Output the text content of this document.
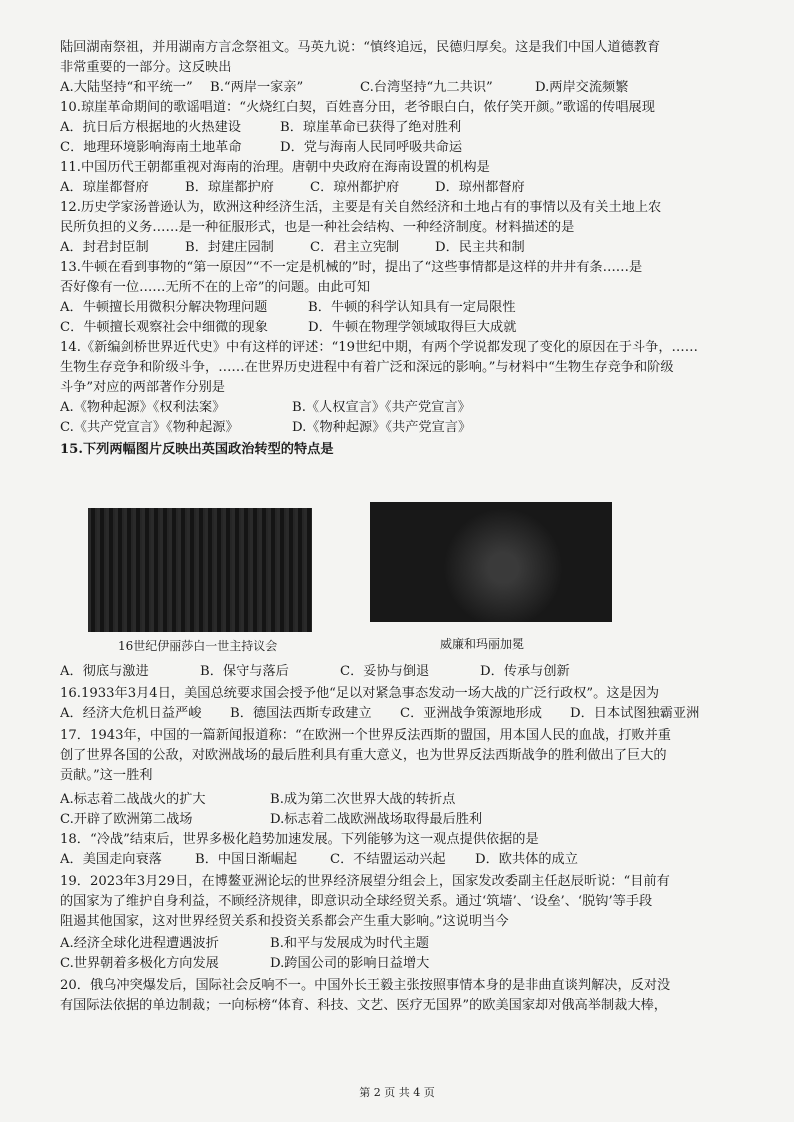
陆回湖南祭祖，并用湖南方言念祭祖文。马英九说：“慎终追远，民德归厚矣。这是我们中国人道德教育
非常重要的一部分。这反映出
A.大陆坚持“和平统一”	B.“两岸一家亲”	C.台湾坚持“九二共识”	D.两岸交流频繁
10.琼崖革命期间的歌谣唱道：“火烧红白契，百姓喜分田，老爷眼白白，侬仔笑开颜。”歌谣的传唱展现
A．抗日后方根据地的火热建设	B．琼崖革命已获得了绝对胜利
C．地理环境影响海南土地革命	D．党与海南人民同呼吸共命运
11.中国历代王朝都重视对海南的治理。唐朝中央政府在海南设置的机构是
A．琼崖都督府	B．琼崖都护府	C．琼州都护府	D．琼州都督府
12.历史学家汤普逊认为，欧洲这种经济生活，主要是有关自然经济和土地占有的事情以及有关土地上农
民所负担的义务……是一种征服形式，也是一种社会结构、一种经济制度。材料描述的是
A．封君封臣制	B．封建庄园制	C．君主立宪制	D．民主共和制
13.牛顿在看到事物的“第一原因”“不一定是机械的”时，提出了“这些事情都是这样的井井有条……是
否好像有一位……无所不在的上帝”的问题。由此可知
A．牛顿擅长用微积分解决物理问题	B．牛顿的科学认知具有一定局限性
C．牛顿擅长观察社会中细微的现象	D．牛顿在物理学领域取得巨大成就
14.《新编剑桥世界近代史》中有这样的评述：“19世纪中期，有两个学说都发现了变化的原因在于斗争，……
生物生存竞争和阶级斗争，……在世界历史进程中有着广泛和深远的影响。”与材料中“生物生存竞争和阶级
斗争”对应的两部著作分别是
A.《物种起源》《权利法案》	B.《人权宣言》《共产党宣言》
C.《共产党宣言》《物种起源》	D.《物种起源》《共产党宣言》
15.下列两幅图片反映出英国政治转型的特点是
16世纪伊丽莎白一世主持议会	威廉和玛丽加冕
A．彻底与激进	B．保守与落后	C．妥协与倒退	D．传承与创新
16.1933年3月4日，美国总统要求国会授予他“足以对紧急事态发动一场大战的广泛行政权”。这是因为
A．经济大危机日益严峻	B．德国法西斯专政建立	C．亚洲战争策源地形成	D．日本试图独霸亚洲
17．1943年，中国的一篇新闻报道称：“在欧洲一个世界反法西斯的盟国，用本国人民的血战，打败并重
创了世界各国的公敌，对欧洲战场的最后胜利具有重大意义，也为世界反法西斯战争的胜利做出了巨大的
贡献。”这一胜利
A.标志着二战战火的扩大	B.成为第二次世界大战的转折点
C.开辟了欧洲第二战场	D.标志着二战欧洲战场取得最后胜利
18．“冷战”结束后，世界多极化趋势加速发展。下列能够为这一观点提供依据的是
A．美国走向衰落	B．中国日渐崛起	C．不结盟运动兴起	D．欧共体的成立
19．2023年3月29日，在博鳌亚洲论坛的世界经济展望分组会上，国家发改委副主任赵辰昕说：“目前有
的国家为了维护自身利益，不顾经济规律，即意识动全球经贸关系。通过‘筑墙’、‘设垒’、‘脱钩’等手段
阻遏其他国家，这对世界经贸关系和投资关系都会产生重大影响。”这说明当今
A.经济全球化进程遭遇波折	B.和平与发展成为时代主题
C.世界朝着多极化方向发展	D.跨国公司的影响日益增大
20．俄乌冲突爆发后，国际社会反响不一。中国外长王毅主张按照事情本身的是非曲直谈判解决，反对没
有国际法依据的单边制裁；一向标榜“体育、科技、文艺、医疗无国界”的欧美国家却对俄高举制裁大棒，
第 2 页 共 4 页
